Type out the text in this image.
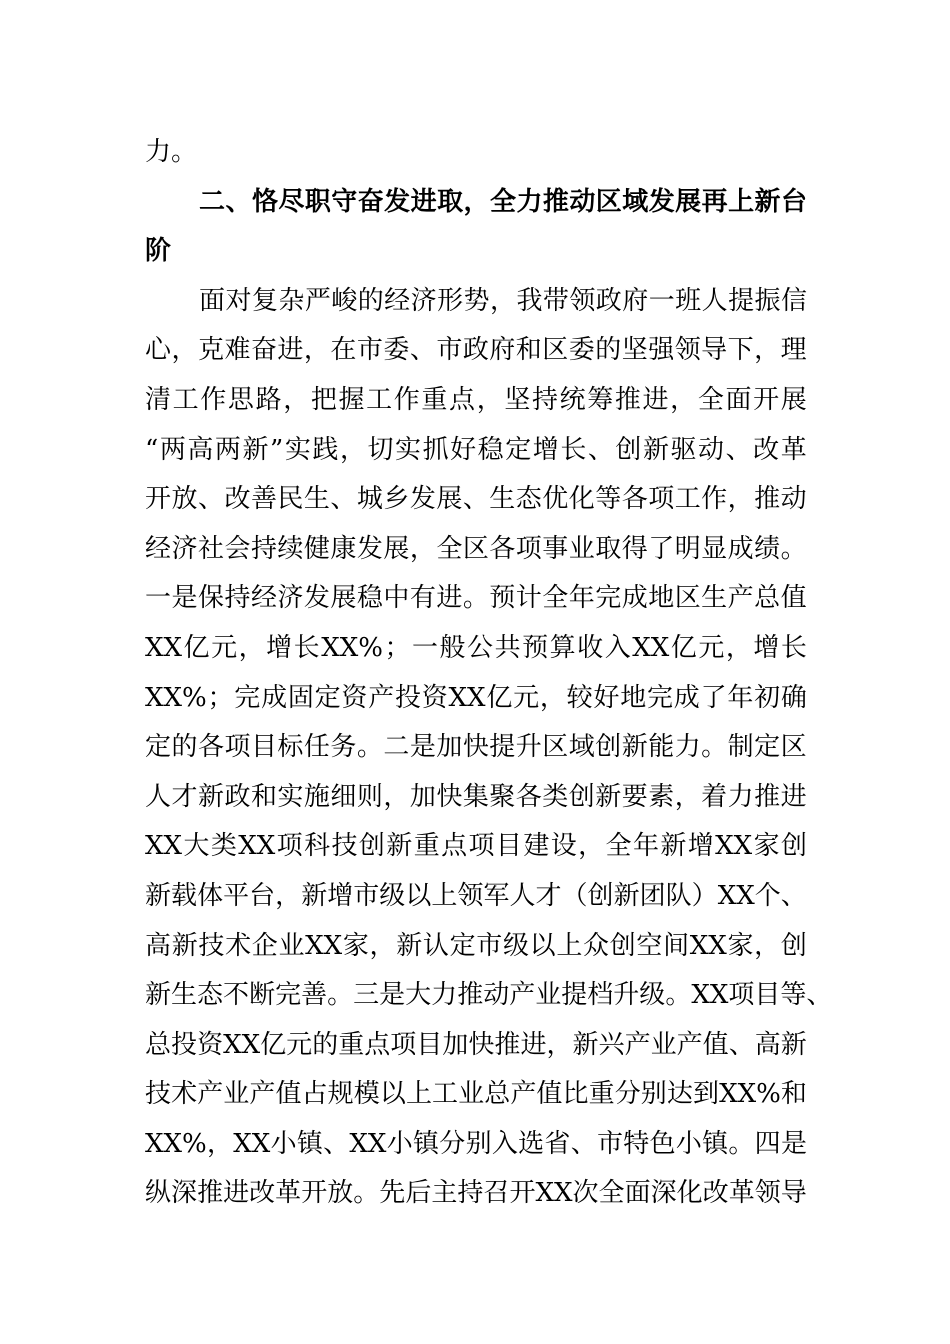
力。
二 、 恪 尽 职 守 奋 发 进 取 ， 全 力 推 动 区 域 发 展 再 上 新 台
阶
面 对 复 杂 严 峻 的 经 济 形 势 ， 我 带 领 政 府 一 班 人 提 振 信
心 ， 克 难 奋 进 ， 在 市 委 、 市 政 府 和 区 委 的 坚 强 领 导 下 ， 理
清 工 作 思 路 ， 把 握 工 作 重 点 ， 坚 持 统 筹 推 进 ， 全 面 开 展
“ 两 高 两 新 ” 实 践 ， 切 实 抓 好 稳 定 增 长 、 创 新 驱 动 、 改 革
开 放 、 改 善 民 生 、 城 乡 发 展 、 生 态 优 化 等 各 项 工 作 ， 推 动
经 济 社 会 持 续 健 康 发 展 ， 全 区 各 项 事 业 取 得 了 明 显 成 绩 。
一 是 保 持 经 济 发 展 稳 中 有 进 。 预 计 全 年 完 成 地 区 生 产 总 值
XX 亿 元 ， 增 长 XX% ； 一 般 公 共 预 算 收 入 XX 亿 元 ， 增 长
XX% ； 完 成 固 定 资 产 投 资 XX 亿 元 ， 较 好 地 完 成 了 年 初 确
定 的 各 项 目 标 任 务 。 二 是 加 快 提 升 区 域 创 新 能 力 。 制 定 区
人 才 新 政 和 实 施 细 则 ， 加 快 集 聚 各 类 创 新 要 素 ， 着 力 推 进
XX 大 类 XX 项 科 技 创 新 重 点 项 目 建 设 ， 全 年 新 增 XX 家 创
新 载 体 平 台 ， 新 增 市 级 以 上 领 军 人 才 （ 创 新 团 队 ） XX 个 、
高 新 技 术 企 业 XX 家 ， 新 认 定 市 级 以 上 众 创 空 间 XX 家 ， 创
新 生 态 不 断 完 善 。 三 是 大 力 推 动 产 业 提 档 升 级 。 XX 项 目 等 、
总 投 资 XX 亿 元 的 重 点 项 目 加 快 推 进 ， 新 兴 产 业 产 值 、 高 新
技 术 产 业 产 值 占 规 模 以 上 工 业 总 产 值 比 重 分 别 达 到 XX% 和
XX% ， XX 小 镇 、 XX 小 镇 分 别 入 选 省 、 市 特 色 小 镇 。 四 是
纵 深 推 进 改 革 开 放 。 先 后 主 持 召 开 XX 次 全 面 深 化 改 革 领 导
